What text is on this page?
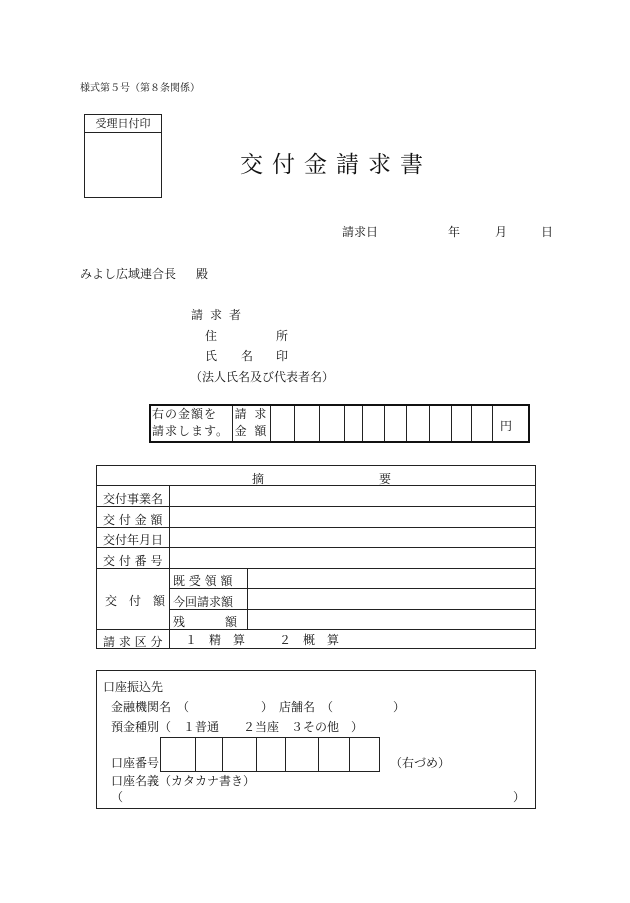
様式第５号（第８条関係）
受理日付印
交付金請求書
請求日	年	月	日
みよし広域連合長 殿
請求者
住	所
氏 名 印
（法人氏名及び代表者名）
右の金額を
請求します。
請 求
金 額	円
摘	要
交付事業名
交 付 金 額
交付年月日
交 付 番 号
交　付　額
既 受 領 額
今回請求額
残	額
請 求 区 分 １　精　算	２　概　算
口座振込先
金融機関名　（　　　　　　）　店舗名　（　　　　　）
預金種別（　１普通　　２当座　３その他　）
口座番号	（右づめ）
口座名義（カタカナ書き）
（	）
